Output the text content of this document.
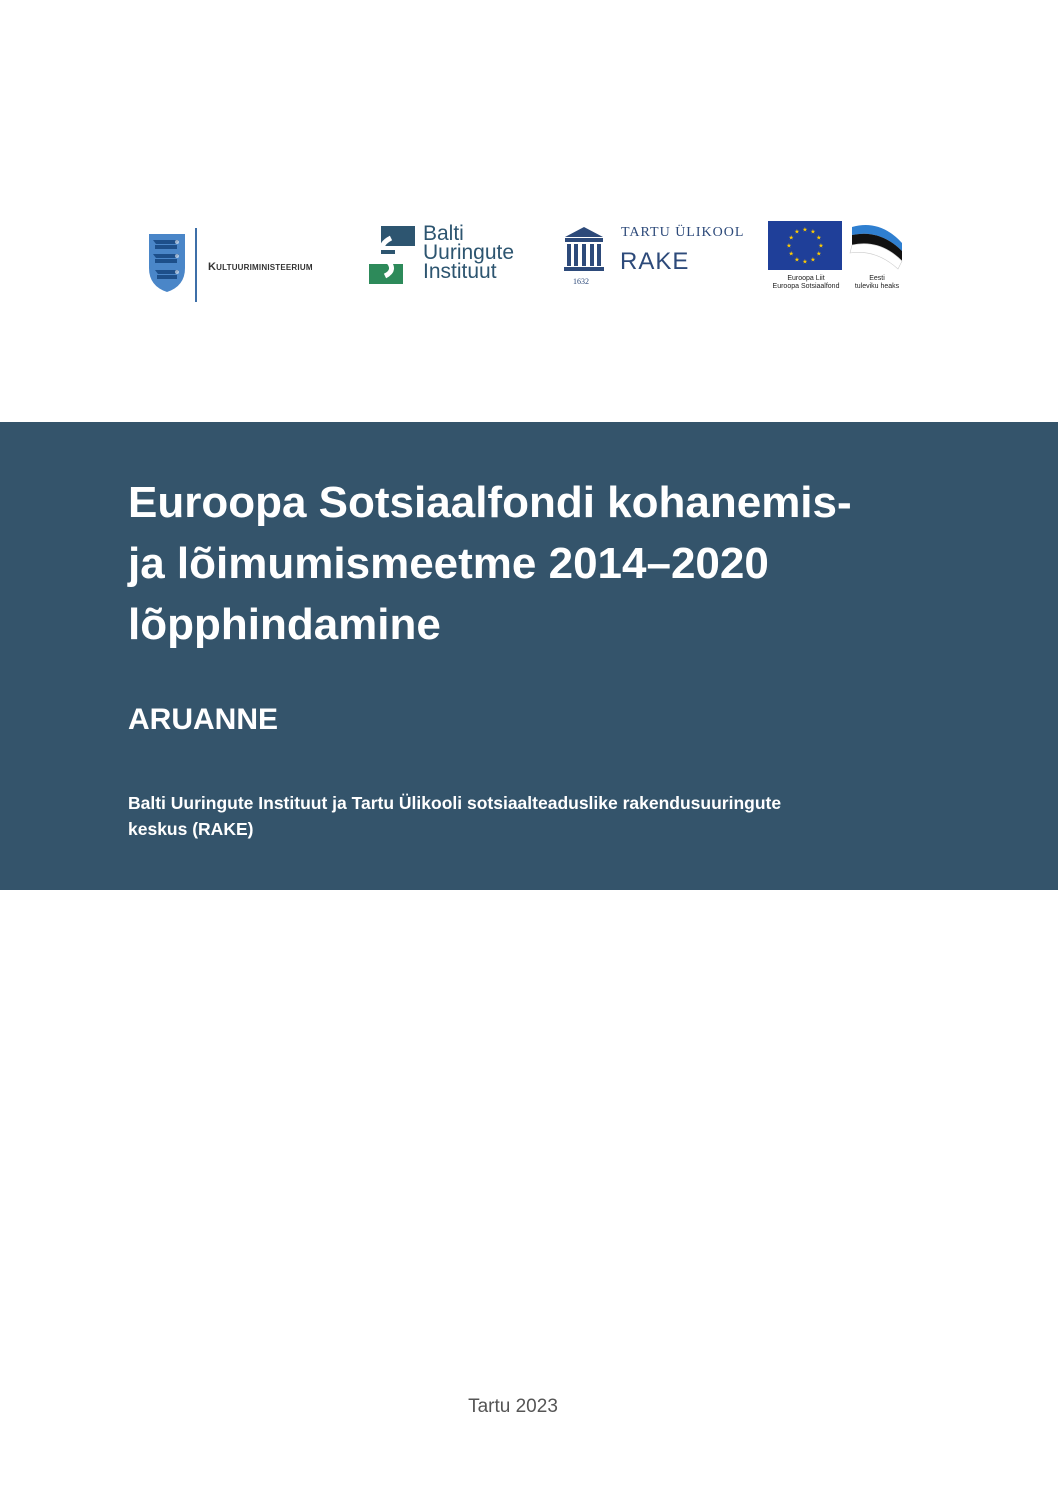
Kultuuriministeerium
Balti
Uuringute
Instituut	1632
TARTU ÜLIKOOL
RAKE
★ ★
★
★
★
★
★
★
★
★
★
★
Euroopa Liit
Euroopa Sotsiaalfond
Eesti
tuleviku heaks
Euroopa Sotsiaalfondi kohanemis-
ja lõimumismeetme 2014–2020
lõpphindamine
ARUANNE

Balti Uuringute Instituut ja Tartu Ülikooli sotsiaalteaduslike rakendusuuringute
keskus (RAKE)

Tartu 2023
